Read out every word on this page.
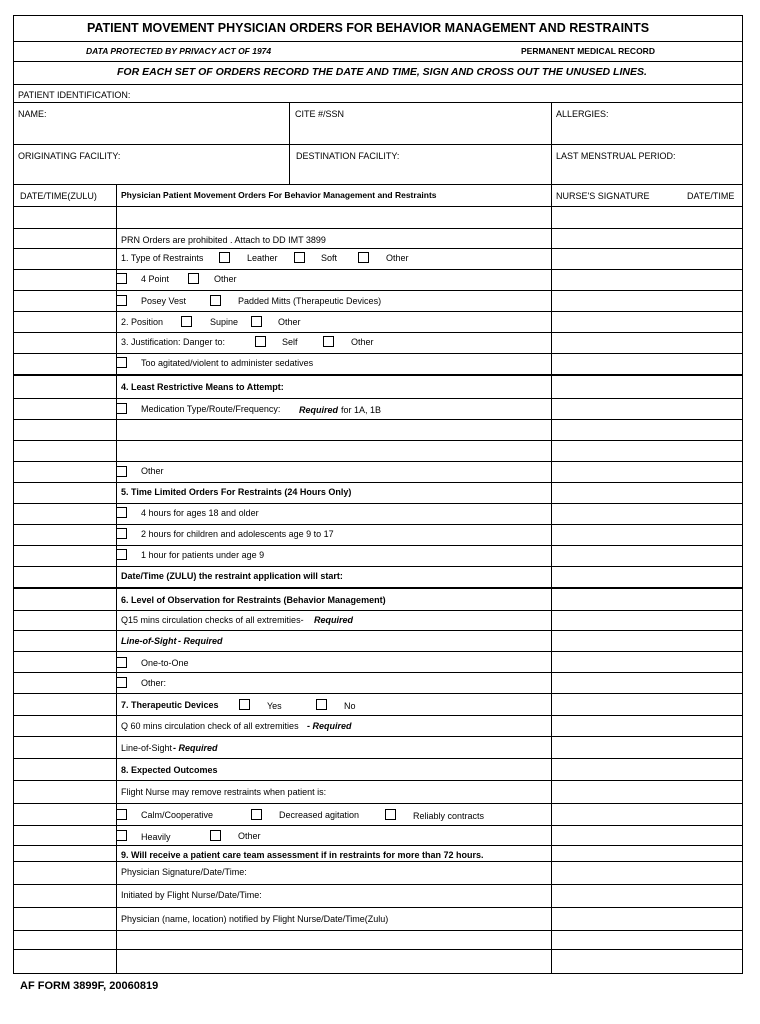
PATIENT MOVEMENT PHYSICIAN ORDERS FOR BEHAVIOR MANAGEMENT AND RESTRAINTS
DATA PROTECTED BY PRIVACY ACT OF 1974	PERMANENT MEDICAL RECORD
FOR EACH SET OF ORDERS RECORD THE DATE AND TIME, SIGN AND CROSS OUT THE UNUSED LINES.
PATIENT IDENTIFICATION:
NAME:	CITE #/SSN	ALLERGIES:
ORIGINATING FACILITY:	DESTINATION FACILITY:	LAST MENSTRUAL PERIOD:
DATE/TIME(ZULU)	Physician Patient Movement Orders For Behavior Management and Restraints	NURSE'S SIGNATURE	DATE/TIME
PRN Orders are prohibited . Attach to DD IMT 3899
1. Type of Restraints	Leather	Soft	Other
4 Point	Other
Posey Vest	Padded Mitts (Therapeutic Devices)
2. Position	Supine	Other
3. Justification: Danger to:	Self	Other
Too agitated/violent to administer sedatives
4. Least Restrictive Means to Attempt:
Medication Type/Route/Frequency: Required for 1A, 1B
Other
5. Time Limited Orders For Restraints (24 Hours Only)
4 hours for ages 18 and older
2 hours for children and adolescents age 9 to 17
1 hour for patients under age 9
Date/Time (ZULU) the restraint application will start:
6. Level of Observation for Restraints (Behavior Management)
Q15 mins circulation checks of all extremities- Required
Line-of-Sight - Required
One-to-One
Other:
7. Therapeutic Devices	Yes	No
Q 60 mins circulation check of all extremities - Required
Line-of-Sight - Required
8. Expected Outcomes
Flight Nurse may remove restraints when patient is:
Calm/Cooperative	Decreased agitation	Reliably contracts
Heavily	Other
9. Will receive a patient care team assessment if in restraints for more than 72 hours.
Physician Signature/Date/Time:
Initiated by Flight Nurse/Date/Time:
Physician (name, location) notified by Flight Nurse/Date/Time(Zulu)
AF FORM 3899F, 20060819
